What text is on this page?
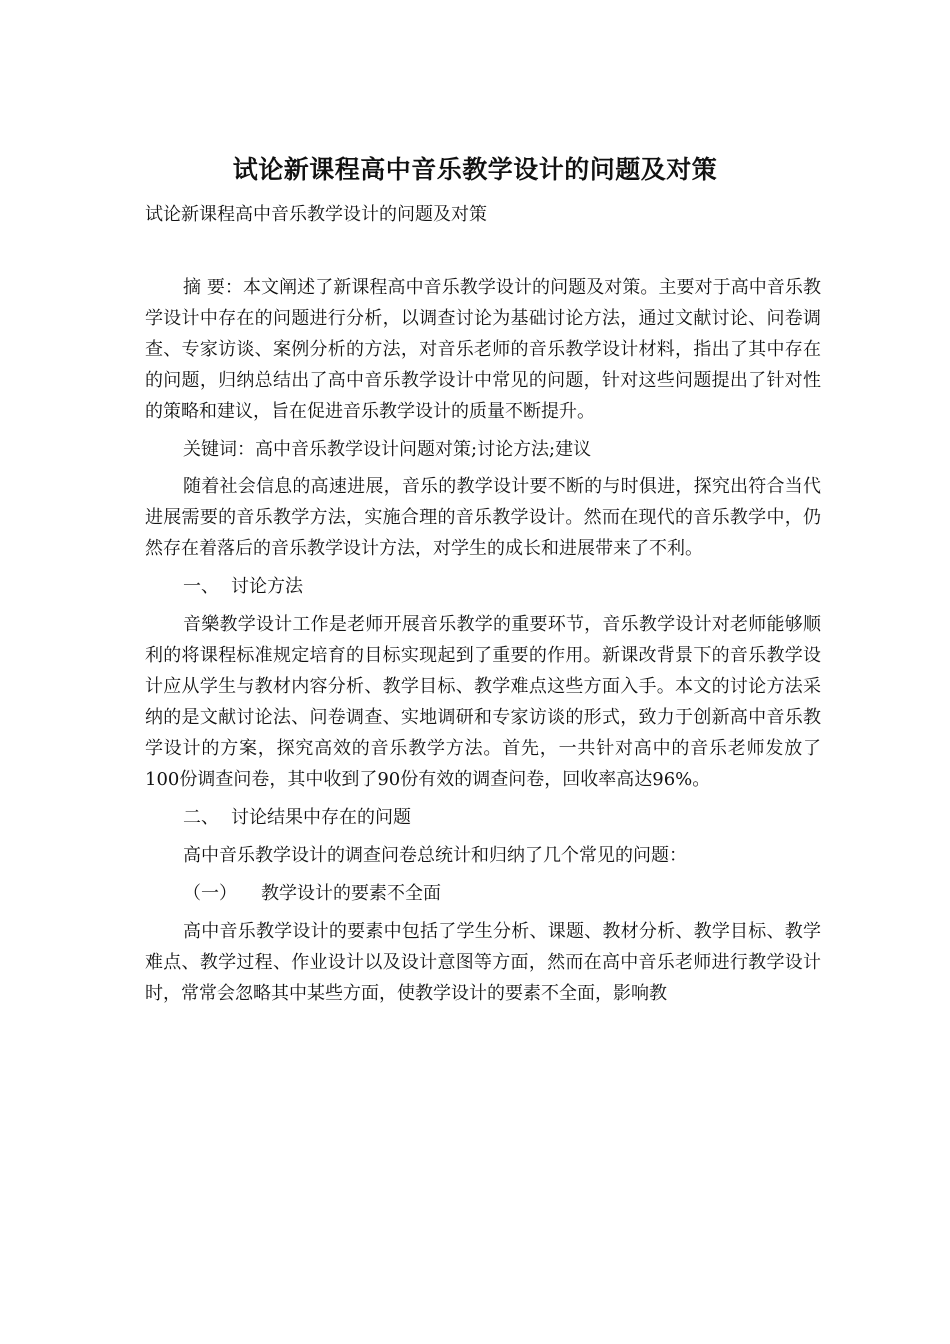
试论新课程高中音乐教学设计的问题及对策
试论新课程高中音乐教学设计的问题及对策

摘 要：本文阐述了新课程高中音乐教学设计的问题及对策。主要对于高中音乐教学设计中存在的问题进行分析，以调查讨论为基础讨论方法，通过文献讨论、问卷调查、专家访谈、案例分析的方法，对音乐老师的音乐教学设计材料，指出了其中存在的问题，归纳总结出了高中音乐教学设计中常见的问题，针对这些问题提出了针对性的策略和建议，旨在促进音乐教学设计的质量不断提升。

关键词：高中音乐教学设计问题对策;讨论方法;建议

随着社会信息的高速进展，音乐的教学设计要不断的与时俱进，探究出符合当代进展需要的音乐教学方法，实施合理的音乐教学设计。然而在现代的音乐教学中，仍然存在着落后的音乐教学设计方法，对学生的成长和进展带来了不利。

一、 讨论方法

音樂教学设计工作是老师开展音乐教学的重要环节，音乐教学设计对老师能够顺利的将课程标准规定培育的目标实现起到了重要的作用。新课改背景下的音乐教学设计应从学生与教材内容分析、教学目标、教学难点这些方面入手。本文的讨论方法采纳的是文献讨论法、问卷调查、实地调研和专家访谈的形式，致力于创新高中音乐教学设计的方案，探究高效的音乐教学方法。首先，一共针对高中的音乐老师发放了100份调查问卷，其中收到了90份有效的调查问卷，回收率高达96%。

二、 讨论结果中存在的问题

高中音乐教学设计的调查问卷总统计和归纳了几个常见的问题：

（一） 教学设计的要素不全面

高中音乐教学设计的要素中包括了学生分析、课题、教材分析、教学目标、教学难点、教学过程、作业设计以及设计意图等方面，然而在高中音乐老师进行教学设计时，常常会忽略其中某些方面，使教学设计的要素不全面，影响教
